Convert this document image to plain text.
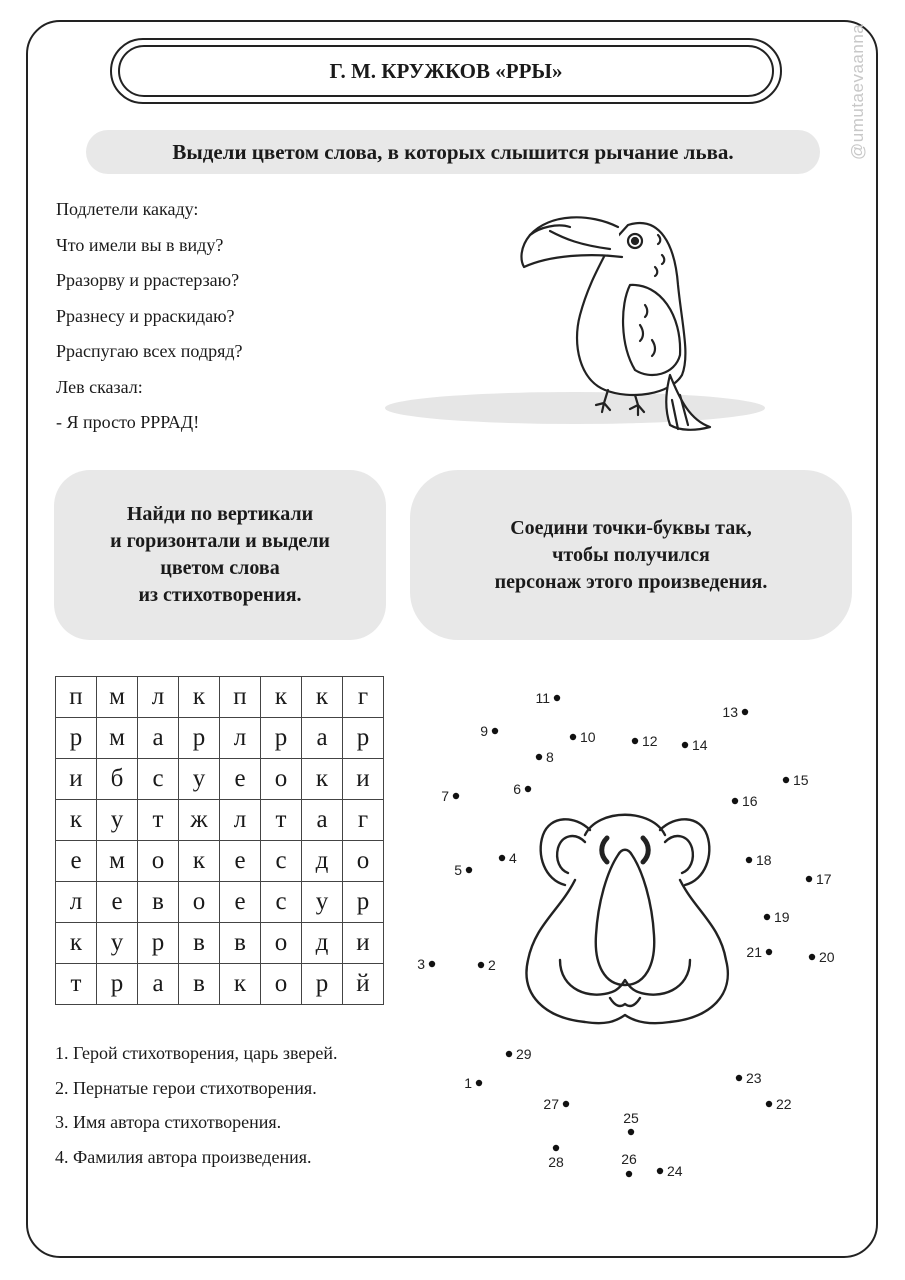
@umutaevaanna
Г. М. КРУЖКОВ «РРЫ»
Выдели цветом слова, в которых слышится рычание льва.
Подлетели какаду:
Что имели вы в виду?
Рразорву и ррастерзаю?
Рразнесу и рраскидаю?
Рраспугаю всех подряд?
Лев сказал:
- Я просто РРРАД!
Найди по вертикали
и горизонтали и выдели
цветом слова
из стихотворения.
Соедини точки-буквы так,
чтобы получился
персонаж этого произведения.
п	м	л	к	п	к	к	г
р	м	а	р	л	р	а	р
и	б	с	у	е	о	к	и
к	у	т	ж	л	т	а	г
е	м	о	к	е	с	д	о
л	е	в	о	е	с	у	р
к	у	р	в	в	о	д	и
т	р	а	в	к	о	р	й
1. Герой стихотворения, царь зверей.
2. Пернатые герои стихотворения.
3. Имя автора стихотворения.
4. Фамилия автора произведения.
1
2
3
4
5
6
7
8
9	10
11
12
13
14
15
16
17
18
19
20
21
22
23
24
25
26
27
28
29
